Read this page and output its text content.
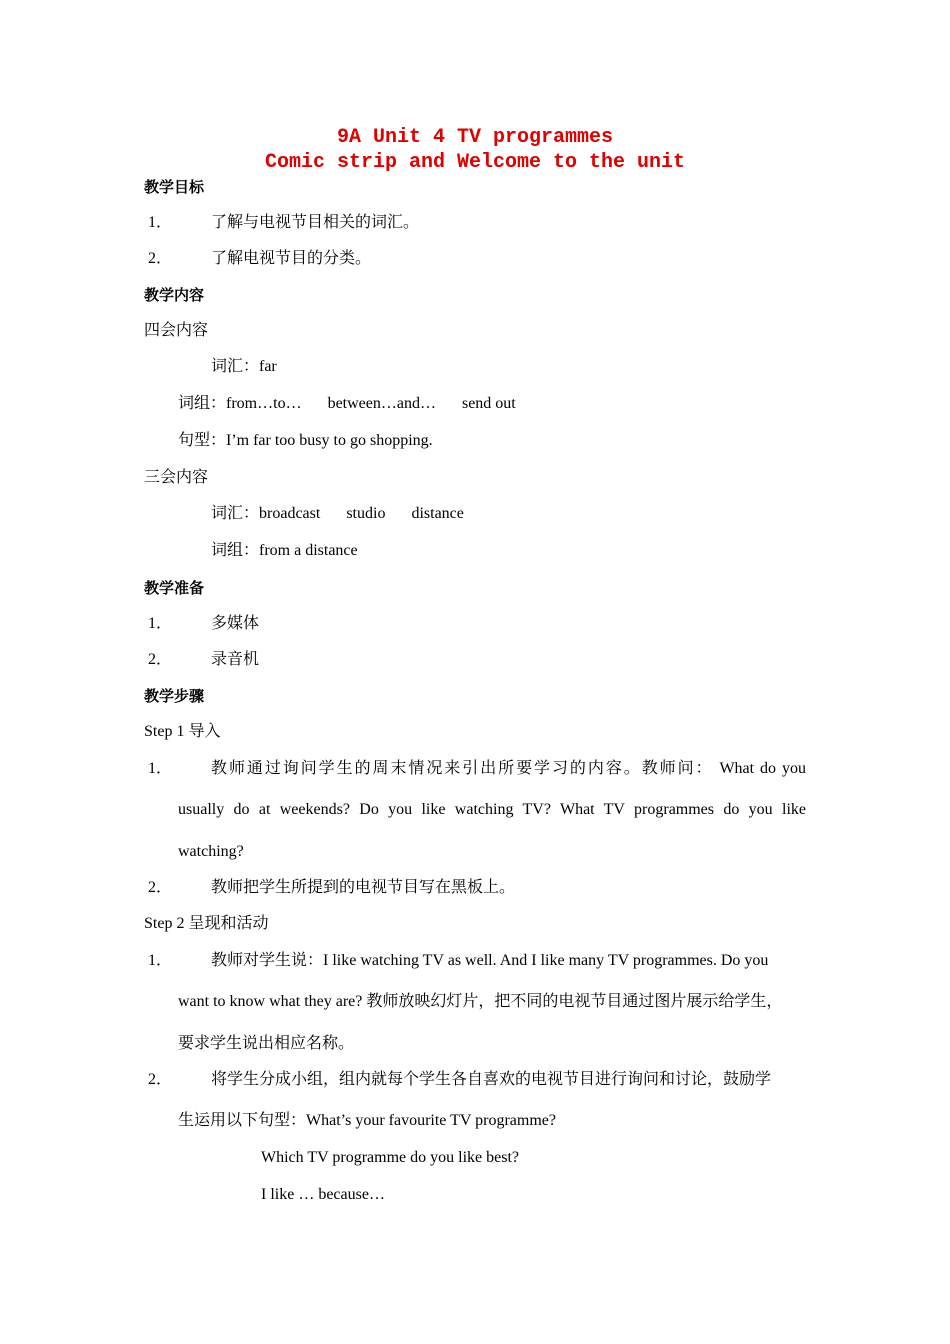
9A Unit 4 TV programmes
Comic strip and Welcome to the unit
教学目标
1． 了解与电视节目相关的词汇。
2． 了解电视节目的分类。
教学内容
四会内容
词汇：far
词组：from…to… between…and… send out
句型：I’m far too busy to go shopping.
三会内容
词汇：broadcast studio distance
词组：from a distance
教学准备
1． 多媒体
2． 录音机
教学步骤
Step 1 导入
1． 教师通过询问学生的周末情况来引出所要学习的内容。教师问： What do you
usually do at weekends? Do you like watching TV? What TV programmes do you like
watching?
2． 教师把学生所提到的电视节目写在黑板上。
Step 2 呈现和活动
1． 教师对学生说：I like watching TV as well. And I like many TV programmes. Do you
want to know what they are? 教师放映幻灯片，把不同的电视节目通过图片展示给学生，
要求学生说出相应名称。
2． 将学生分成小组，组内就每个学生各自喜欢的电视节目进行询问和讨论，鼓励学
生运用以下句型：What’s your favourite TV programme?
Which TV programme do you like best?
I like … because…
